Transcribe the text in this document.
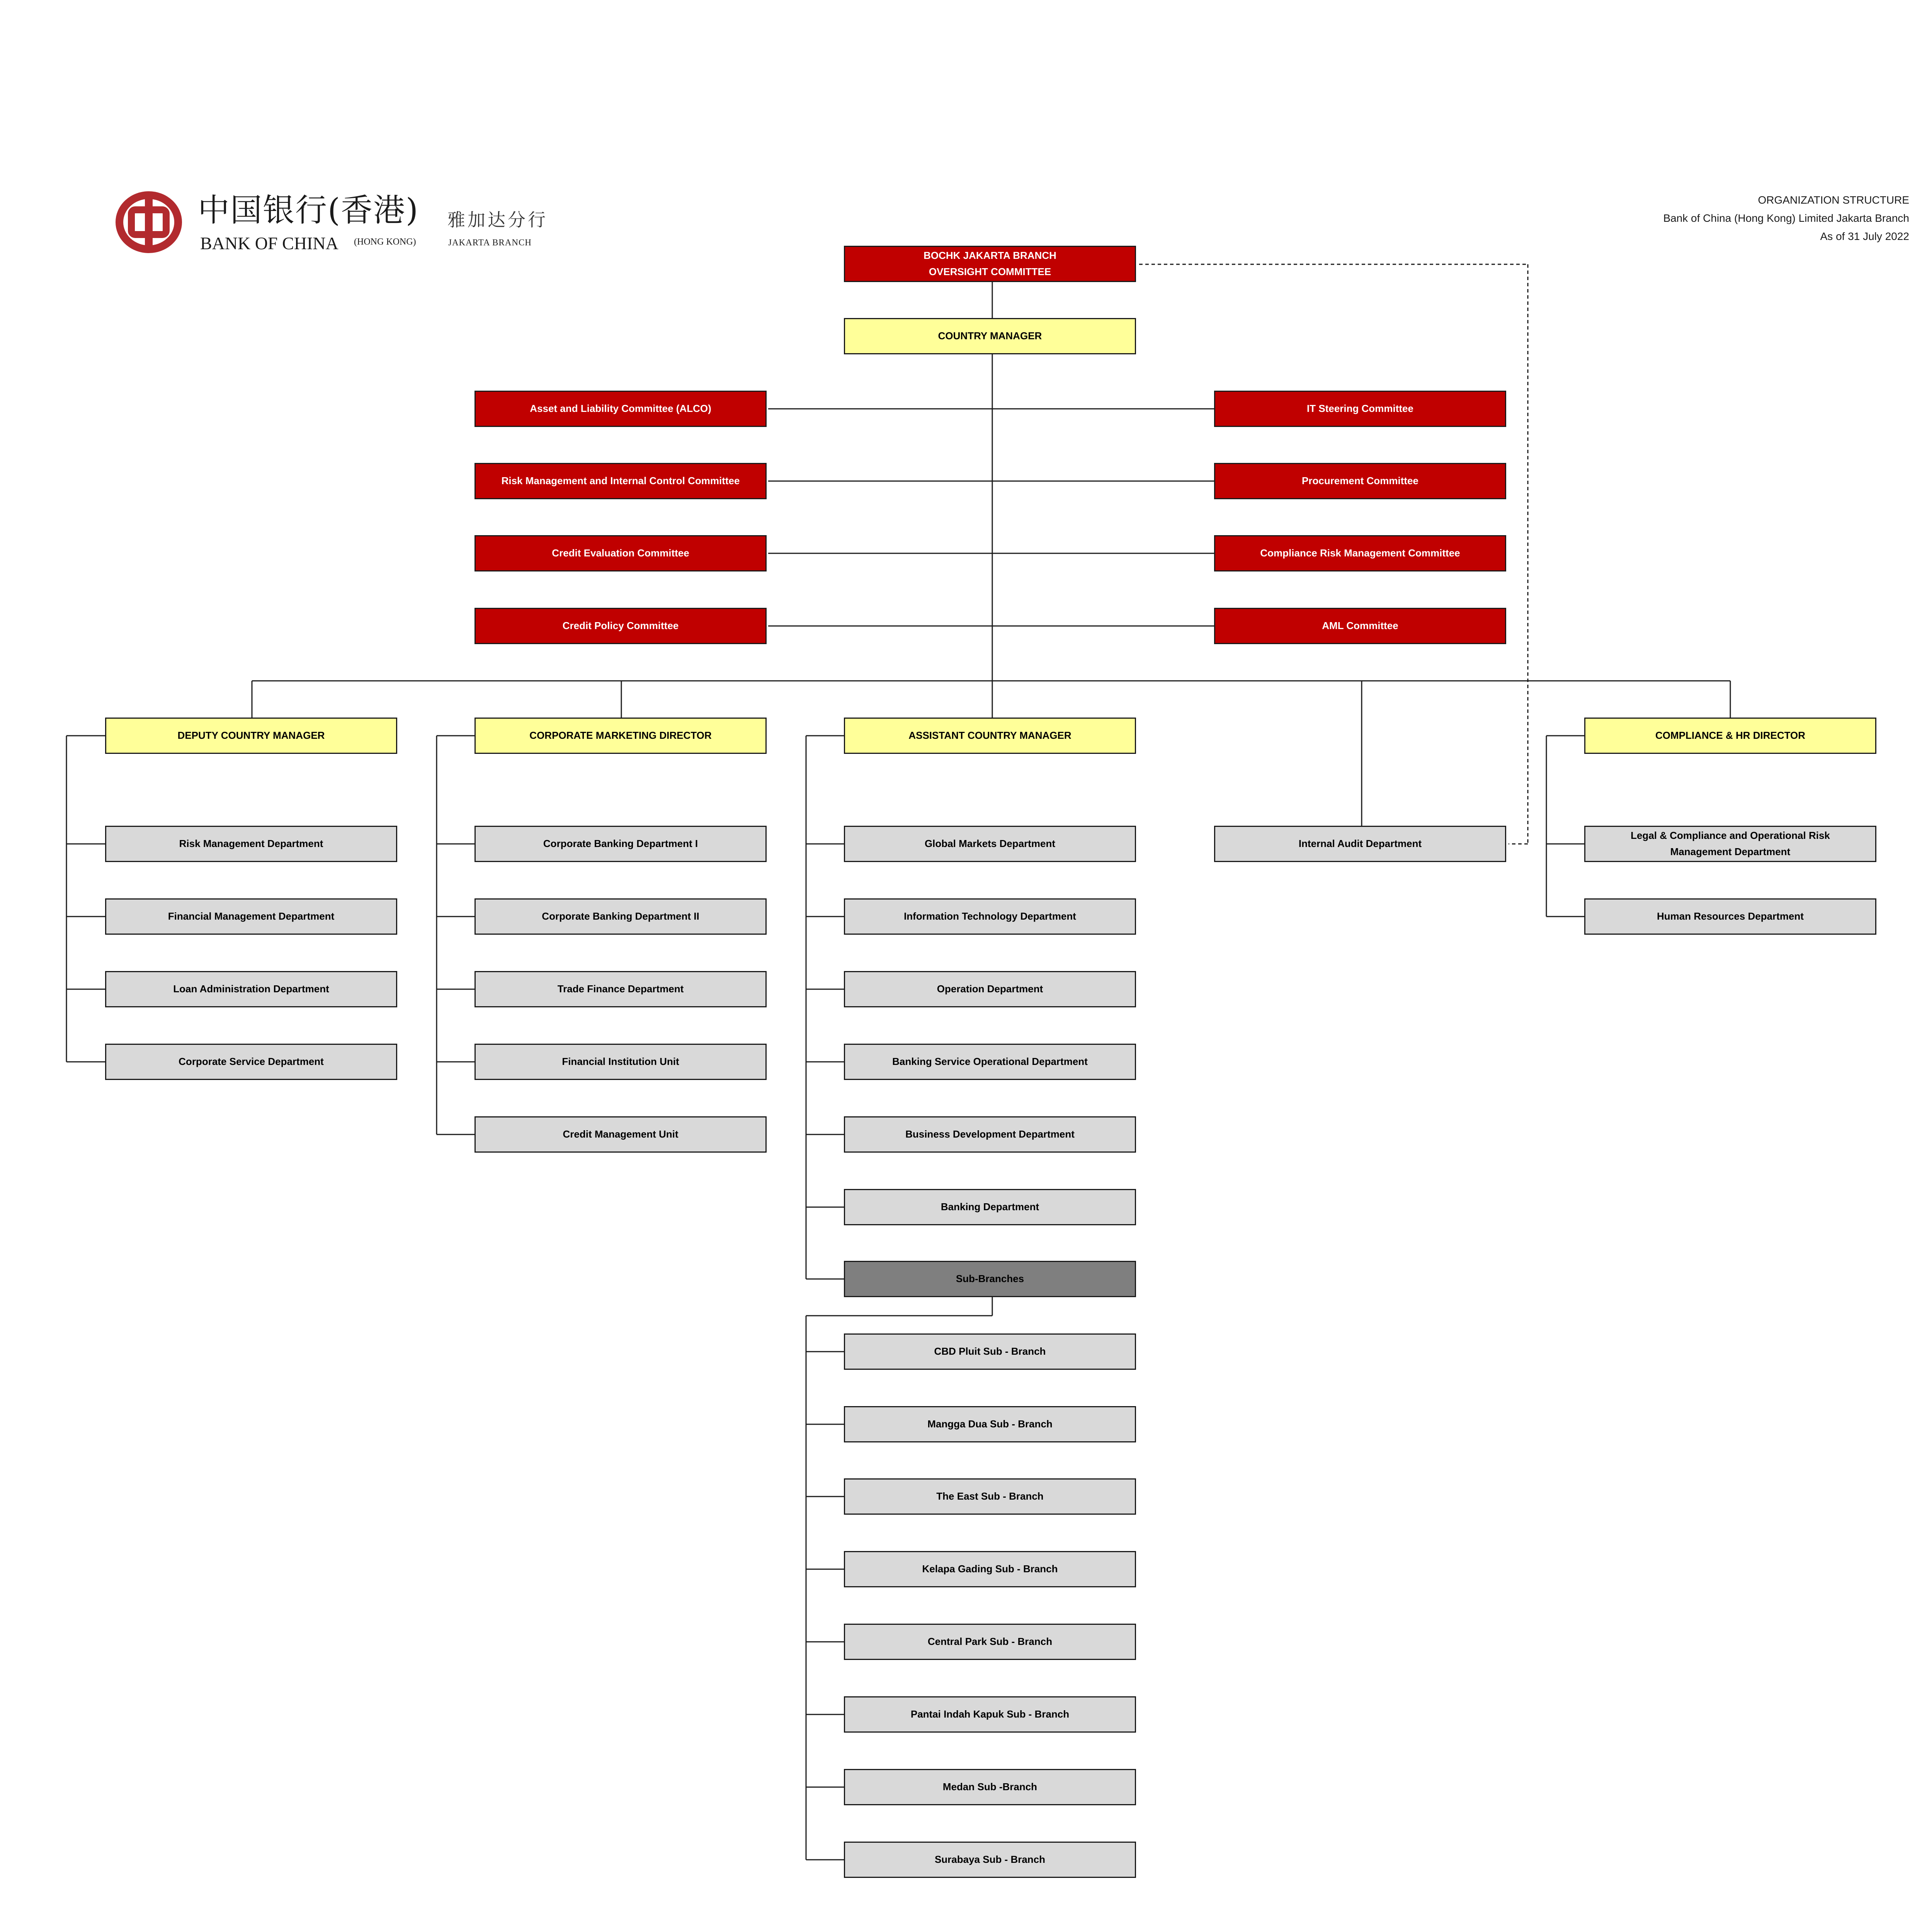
中国银行(香港)
BANK OF CHINA (HONG KONG)
雅加达分行
JAKARTA BRANCH
ORGANIZATION STRUCTURE
Bank of China (Hong Kong) Limited Jakarta Branch
As of 31 July 2022
BOCHK JAKARTA BRANCH
OVERSIGHT COMMITTEE
COUNTRY MANAGER
Asset and Liability Committee (ALCO)
Risk Management and Internal Control Committee
Credit Evaluation Committee
Credit Policy Committee
IT Steering Committee
Procurement Committee
Compliance Risk Management Committee
AML Committee
DEPUTY COUNTRY MANAGER	CORPORATE MARKETING DIRECTOR	ASSISTANT COUNTRY MANAGER	COMPLIANCE & HR DIRECTOR
Risk Management Department
Financial Management Department
Loan Administration Department
Corporate Service Department
Corporate Banking Department I
Corporate Banking Department II
Trade Finance Department
Financial Institution Unit
Credit Management Unit
Global Markets Department
Information Technology Department
Operation Department
Banking Service Operational Department
Business Development Department
Banking Department
Sub-Branches
CBD Pluit Sub - Branch
Mangga Dua Sub - Branch
The East Sub - Branch
Kelapa Gading Sub - Branch
Central Park Sub - Branch
Pantai Indah Kapuk Sub - Branch
Medan Sub -Branch
Surabaya Sub - Branch
Internal Audit Department
Legal & Compliance and Operational Risk
Management Department
Human Resources Department
